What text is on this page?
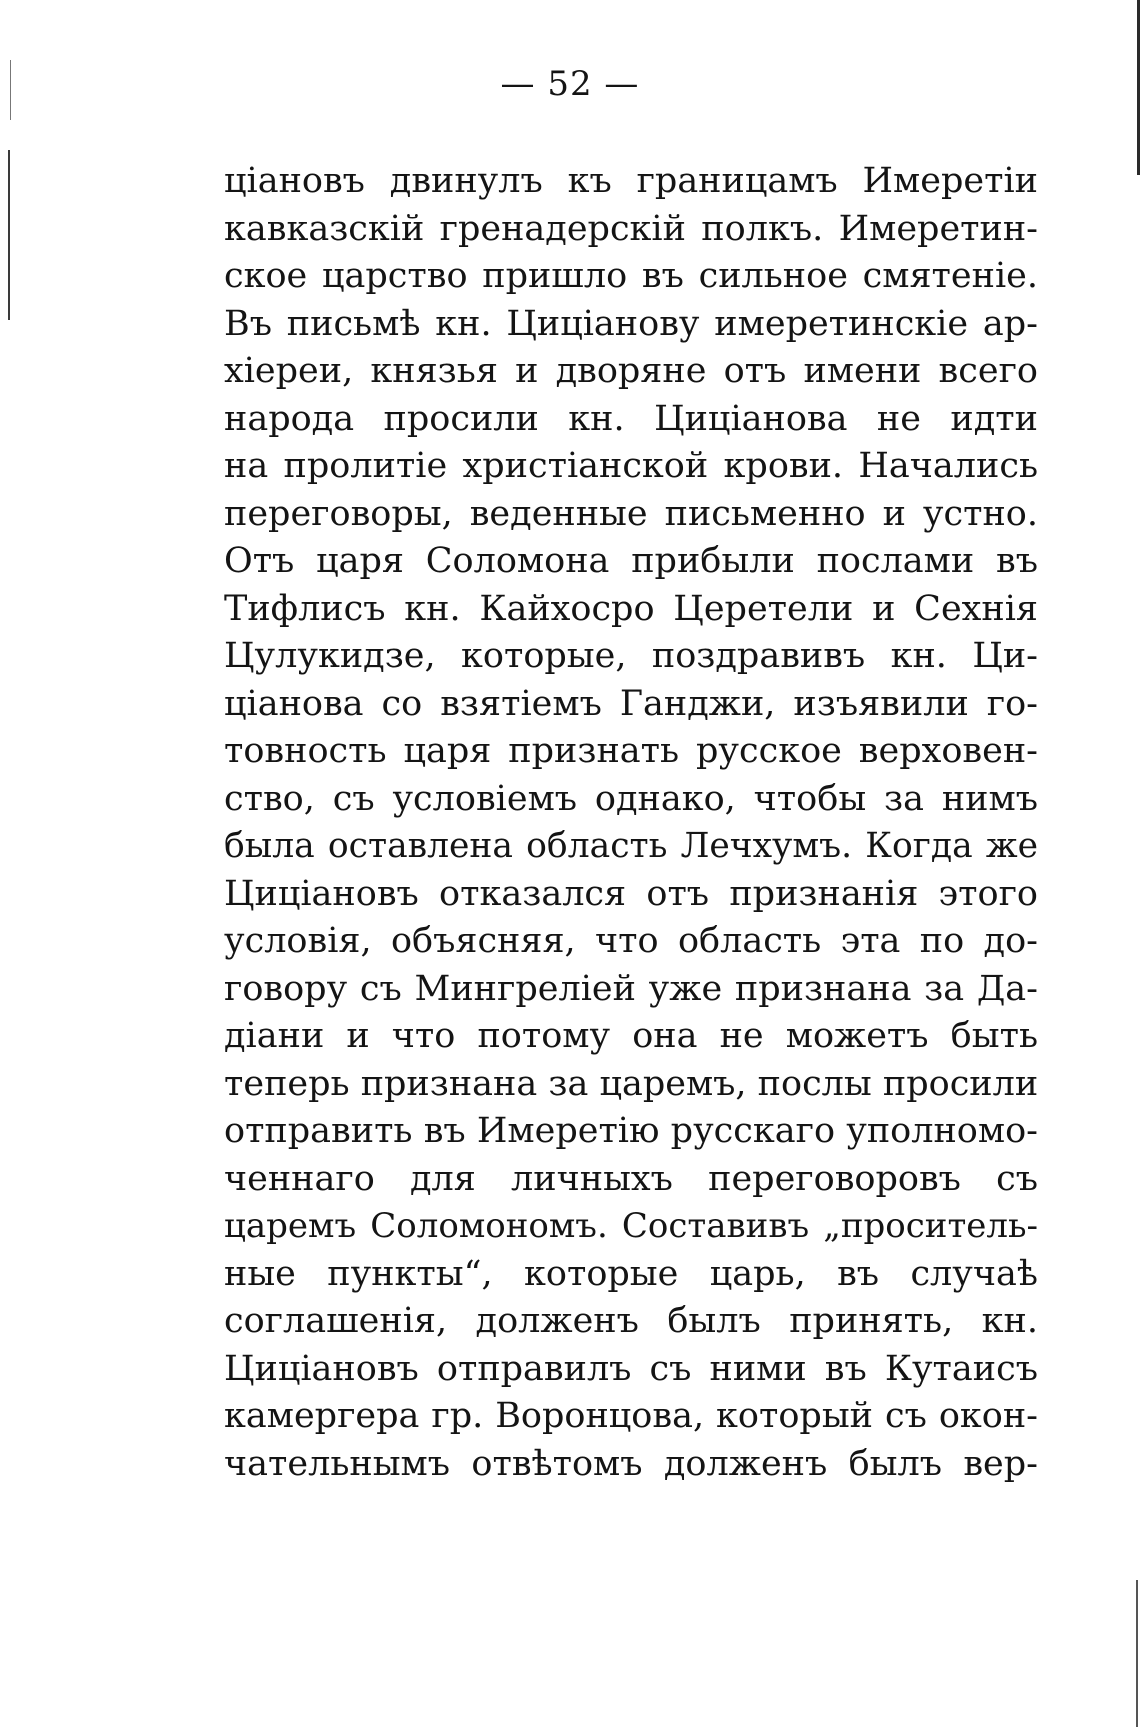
— 52 —
ціановъ двинулъ къ границамъ Имеретіи
кавказскій гренадерскій полкъ. Имеретин-
ское царство пришло въ сильное смятеніе.
Въ письмѣ кн. Циціанову имеретинскіе ар-
хіереи, князья и дворяне отъ имени всего
народа просили кн. Циціанова не идти
на пролитіе христіанской крови. Начались
переговоры, веденные письменно и устно.
Отъ царя Соломона прибыли послами въ
Тифлисъ кн. Кайхосро Церетели и Сехнія
Цулукидзе, которые, поздравивъ кн. Ци-
ціанова со взятіемъ Ганджи, изъявили го-
товность царя признать русское верховен-
ство, съ условіемъ однако, чтобы за нимъ
была оставлена область Лечхумъ. Когда же
Циціановъ отказался отъ признанія этого
условія, объясняя, что область эта по до-
говору съ Мингреліей уже признана за Да-
діани и что потому она не можетъ быть
теперь признана за царемъ, послы просили
отправить въ Имеретію русскаго уполномо-
ченнаго для личныхъ переговоровъ съ
царемъ Соломономъ. Составивъ „проситель-
ные пункты“, которые царь, въ случаѣ
соглашенія, долженъ былъ принять, кн.
Циціановъ отправилъ съ ними въ Кутаисъ
камергера гр. Воронцова, который съ окон-
чательнымъ отвѣтомъ долженъ былъ вер-
